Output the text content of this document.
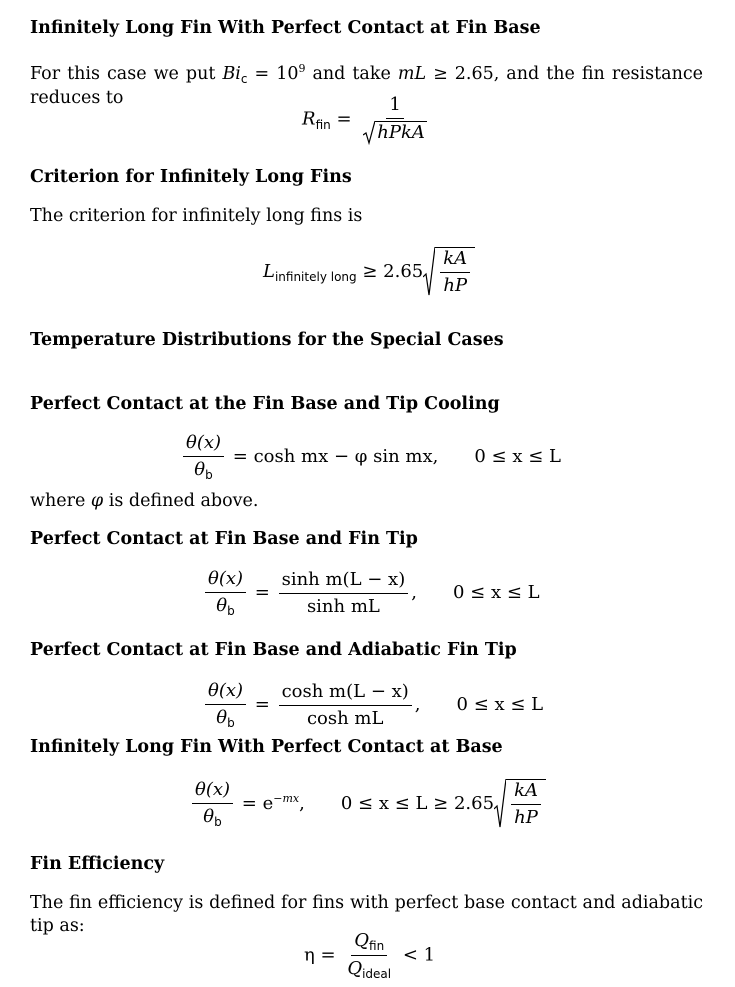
Infinitely Long Fin With Perfect Contact at Fin Base
For this case we put $Bi_c = 10^9$ and take mL ≥ 2.65, and the fin resistance reduces to
$R_{fin} = \frac{1}{\text{hPkA}}$
Criterion for Infinitely Long Fins
The criterion for infinitely long fins is
$L_{infinitely long} \ge 2.65 \frac{kA}{hP}$
Temperature Distributions for the Special Cases
Perfect Contact at the Fin Base and Tip Cooling
$\frac{\theta(x)}{\theta_b} = \cosh$ mx − φ sin mx, 0 ≤ x ≤ L
where φ is defined above.
Perfect Contact at Fin Base and Fin Tip
$\frac{\theta(x)}{\theta_b} = \frac{\text{sinh m(L − x)}}{\text{sinh mL}}$ , 0 ≤ x ≤ L
Perfect Contact at Fin Base and Adiabatic Fin Tip
$\frac{\theta(x)}{\theta_b} = \frac{\text{cosh m(L − x)}}{\text{cosh mL}}$ , 0 ≤ x ≤ L
Infinitely Long Fin With Perfect Contact at Base
$\frac{\theta(x)}{\theta_b} = e^{-mx}$, $0 \le x \le L \ge 2.65 \frac{kA}{hP}$
Fin Efficiency
The fin efficiency is defined for fins with perfect base contact and adiabatic tip as:
$\eta = \frac{Q_{fin}}{Q_{ideal}} < 1$
